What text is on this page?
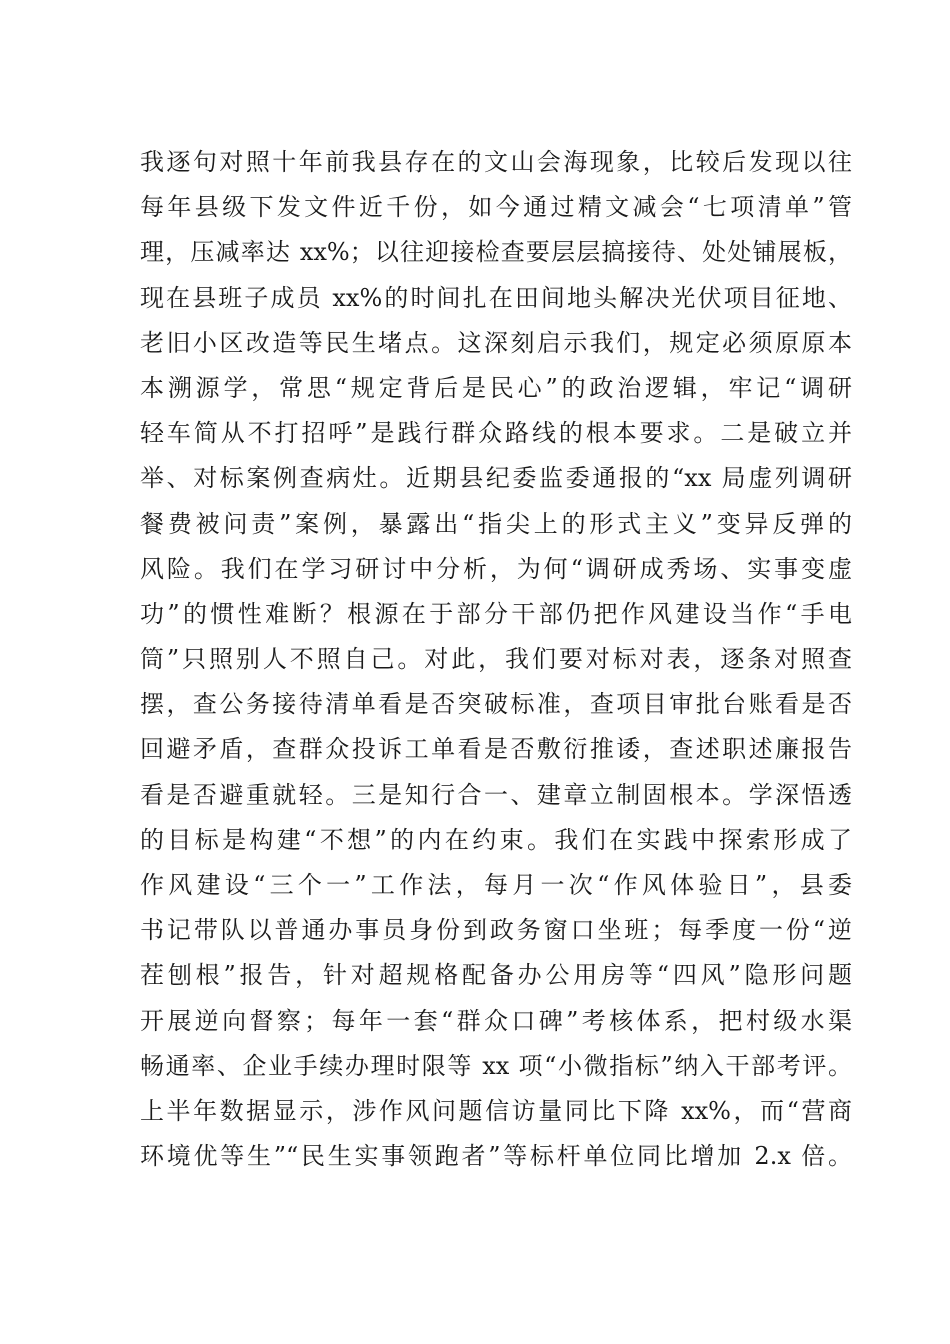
我逐句对照十年前我县存在的文山会海现象，比较后发现以往
每年县级下发文件近千份，如今通过精文减会“七项清单”管
理，压减率达 xx%；以往迎接检查要层层搞接待、处处铺展板，
现在县班子成员 xx%的时间扎在田间地头解决光伏项目征地、
老旧小区改造等民生堵点。这深刻启示我们，规定必须原原本
本溯源学，常思“规定背后是民心”的政治逻辑，牢记“调研
轻车简从不打招呼”是践行群众路线的根本要求。二是破立并
举、对标案例查病灶。近期县纪委监委通报的“xx 局虚列调研
餐费被问责”案例，暴露出“指尖上的形式主义”变异反弹的
风险。我们在学习研讨中分析，为何“调研成秀场、实事变虚
功”的惯性难断？根源在于部分干部仍把作风建设当作“手电
筒”只照别人不照自己。对此，我们要对标对表，逐条对照查
摆，查公务接待清单看是否突破标准，查项目审批台账看是否
回避矛盾，查群众投诉工单看是否敷衍推诿，查述职述廉报告
看是否避重就轻。三是知行合一、建章立制固根本。学深悟透
的目标是构建“不想”的内在约束。我们在实践中探索形成了
作风建设“三个一”工作法，每月一次“作风体验日”，县委
书记带队以普通办事员身份到政务窗口坐班；每季度一份“逆
茬刨根”报告，针对超规格配备办公用房等“四风”隐形问题
开展逆向督察；每年一套“群众口碑”考核体系，把村级水渠
畅通率、企业手续办理时限等 xx 项“小微指标”纳入干部考评。
上半年数据显示，涉作风问题信访量同比下降 xx%，而“营商
环境优等生”“民生实事领跑者”等标杆单位同比增加 2.x 倍。
